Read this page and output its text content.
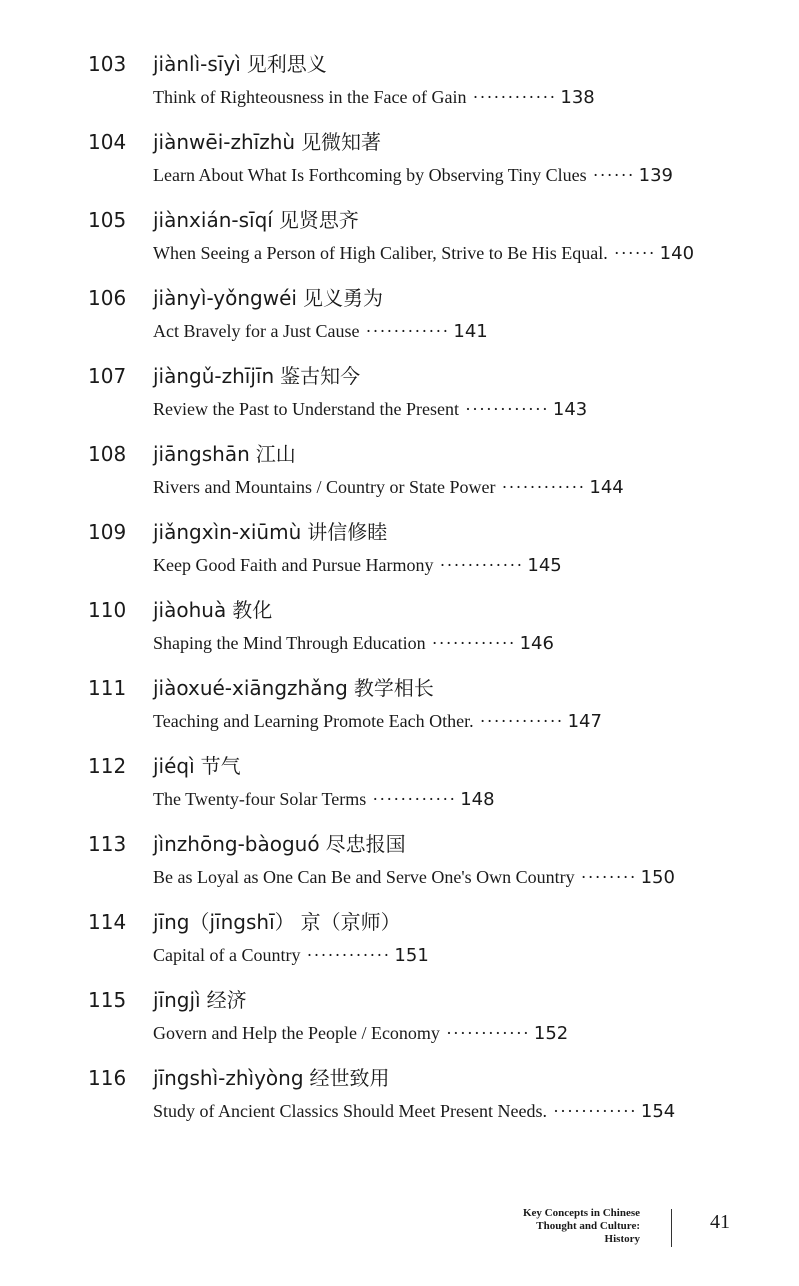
103 jiànlì-sīyì 见利思义
Think of Righteousness in the Face of Gain ············ 138
104 jiànwēi-zhīzhù 见微知著
Learn About What Is Forthcoming by Observing Tiny Clues ······ 139
105 jiànxián-sīqí 见贤思齐
When Seeing a Person of High Caliber, Strive to Be His Equal. ······ 140
106 jiànyì-yǒngwéi 见义勇为
Act Bravely for a Just Cause ············ 141
107 jiàngǔ-zhījīn 鉴古知今
Review the Past to Understand the Present ············ 143
108 jiāngshān 江山
Rivers and Mountains / Country or State Power ············ 144
109 jiǎngxìn-xiūmù 讲信修睦
Keep Good Faith and Pursue Harmony ············ 145
110 jiàohuà 教化
Shaping the Mind Through Education ············ 146
111 jiàoxué-xiāngzhǎng 教学相长
Teaching and Learning Promote Each Other. ············ 147
112 jiéqì 节气
The Twenty-four Solar Terms ············ 148
113 jìnzhōng-bàoguó 尽忠报国
Be as Loyal as One Can Be and Serve One's Own Country ········ 150
114 jīng（jīngshī） 京（京师）
Capital of a Country ············ 151
115 jīngjì 经济
Govern and Help the People / Economy ············ 152
116 jīngshì-zhìyòng 经世致用
Study of Ancient Classics Should Meet Present Needs. ············ 154
Key Concepts in Chinese
Thought and Culture:
History
41
